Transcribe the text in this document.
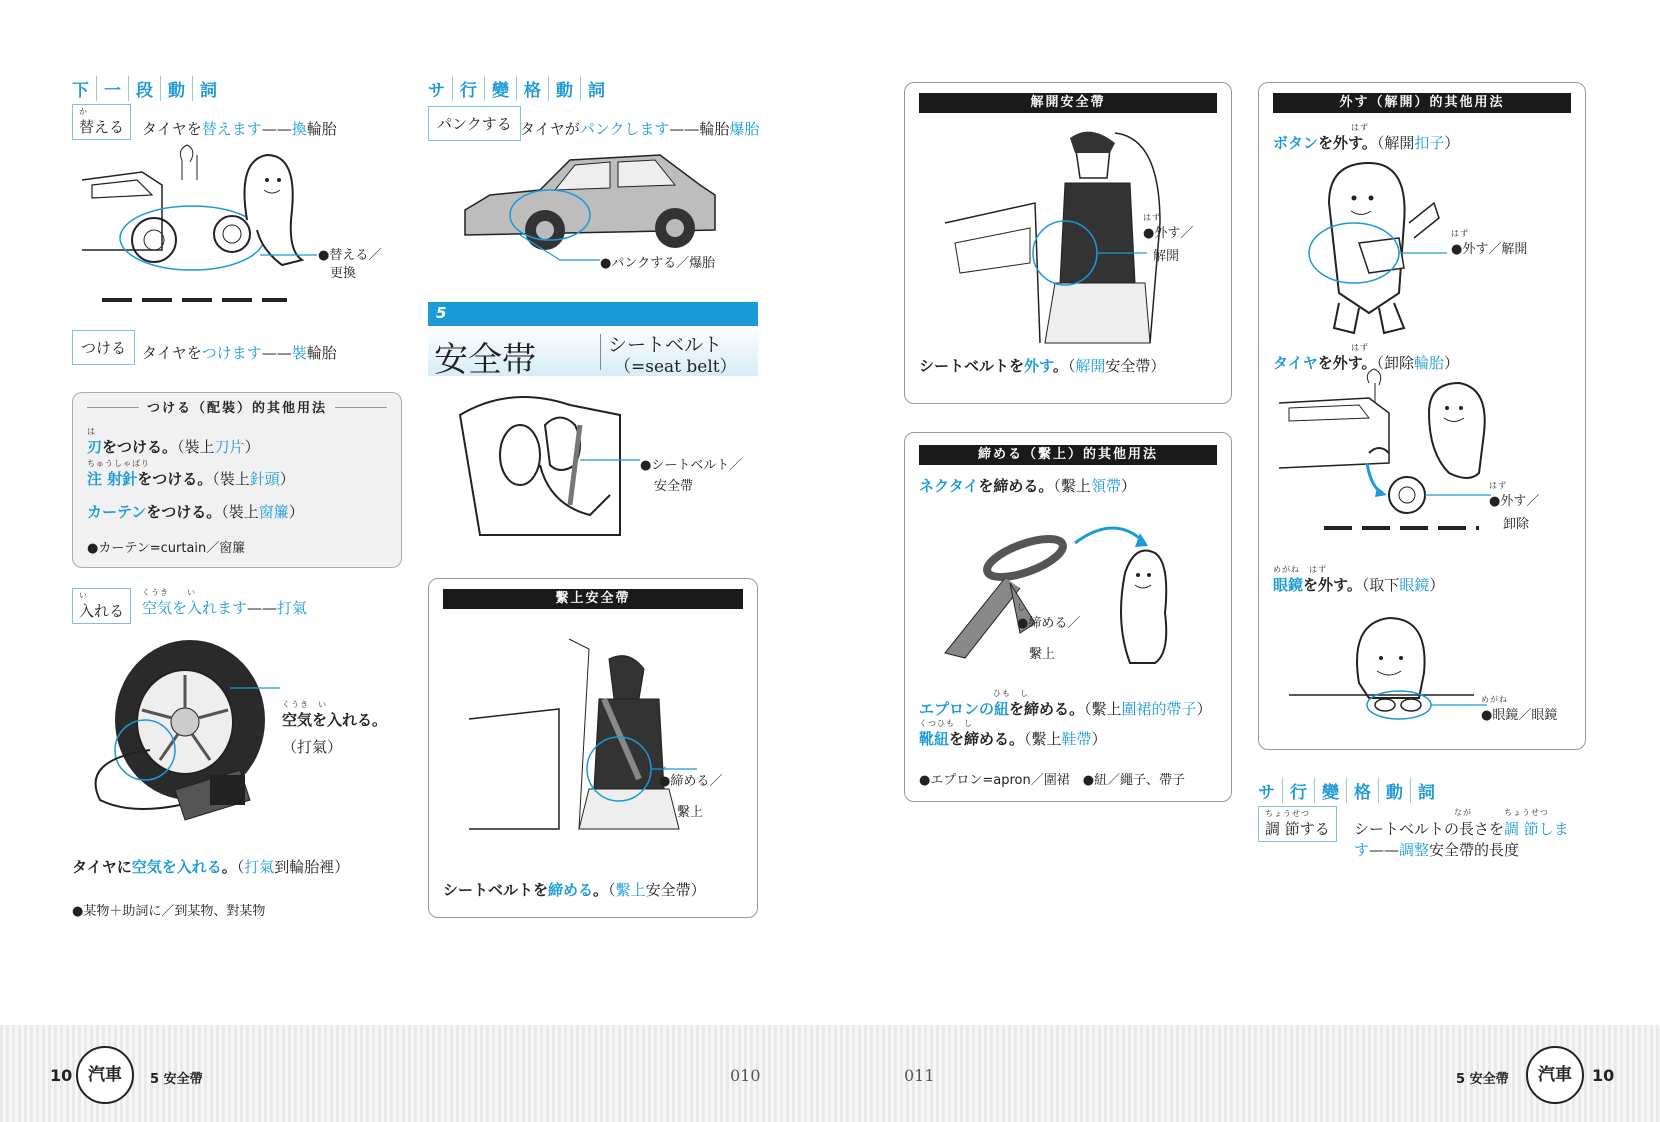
下 一 段 動 詞
か
替える	タイヤを替えます——換輪胎
●替える／
更換
つける	タイヤをつけます——裝輪胎
つける（配裝）的其他用法
は
刃をつける。（裝上刀片）
ちゅうしゃばり
注 射針をつける。（裝上針頭）
カーテンをつける。（裝上窗簾）
●カーテン=curtain／窗簾
い
入れる
くうき　　い
空気を入れます——打氣
くうき　い
空気を入れる。
（打氣）
タイヤに空気を入れる。（打氣到輪胎裡）
●某物＋助詞に／到某物、對某物
サ 行 變 格 動 詞
パンクする タイヤがパンクします——輪胎爆胎
●パンクする／爆胎
5
安全帯	シートベルト
（=seat belt）
●シートベルト／
安全帶
繫上安全帶
し
●締める／
繫上
シートベルトを締める。（繫上安全帶）
解開安全帶
はず
●外す／
解開
シートベルトを外す。（解開安全帶）
締める（繫上）的其他用法
ネクタイを締める。（繫上領帶）
し
●締める／
繫上
ひも　し
エプロンの紐を締める。（繫上圍裙的帶子）
くつひも　し
靴紐を締める。（繫上鞋帶）
●エプロン=apron／圍裙　●紐／繩子、帶子
外す（解開）的其他用法
はず
ボタンを外す。（解開扣子）
はず
●外す／解開
はず
タイヤを外す。（卸除輪胎）
はず
●外す／
卸除
めがね　はず
眼鏡を外す。（取下眼鏡）
めがね
●眼鏡／眼鏡
サ 行 變 格 動 詞
ちょうせつ
調 節する
なが	ちょうせつ
シートベルトの長さを調 節しま
す——調整安全帶的長度
10 汽車	5 安全帶	010	011	5 安全帶	汽車	10
